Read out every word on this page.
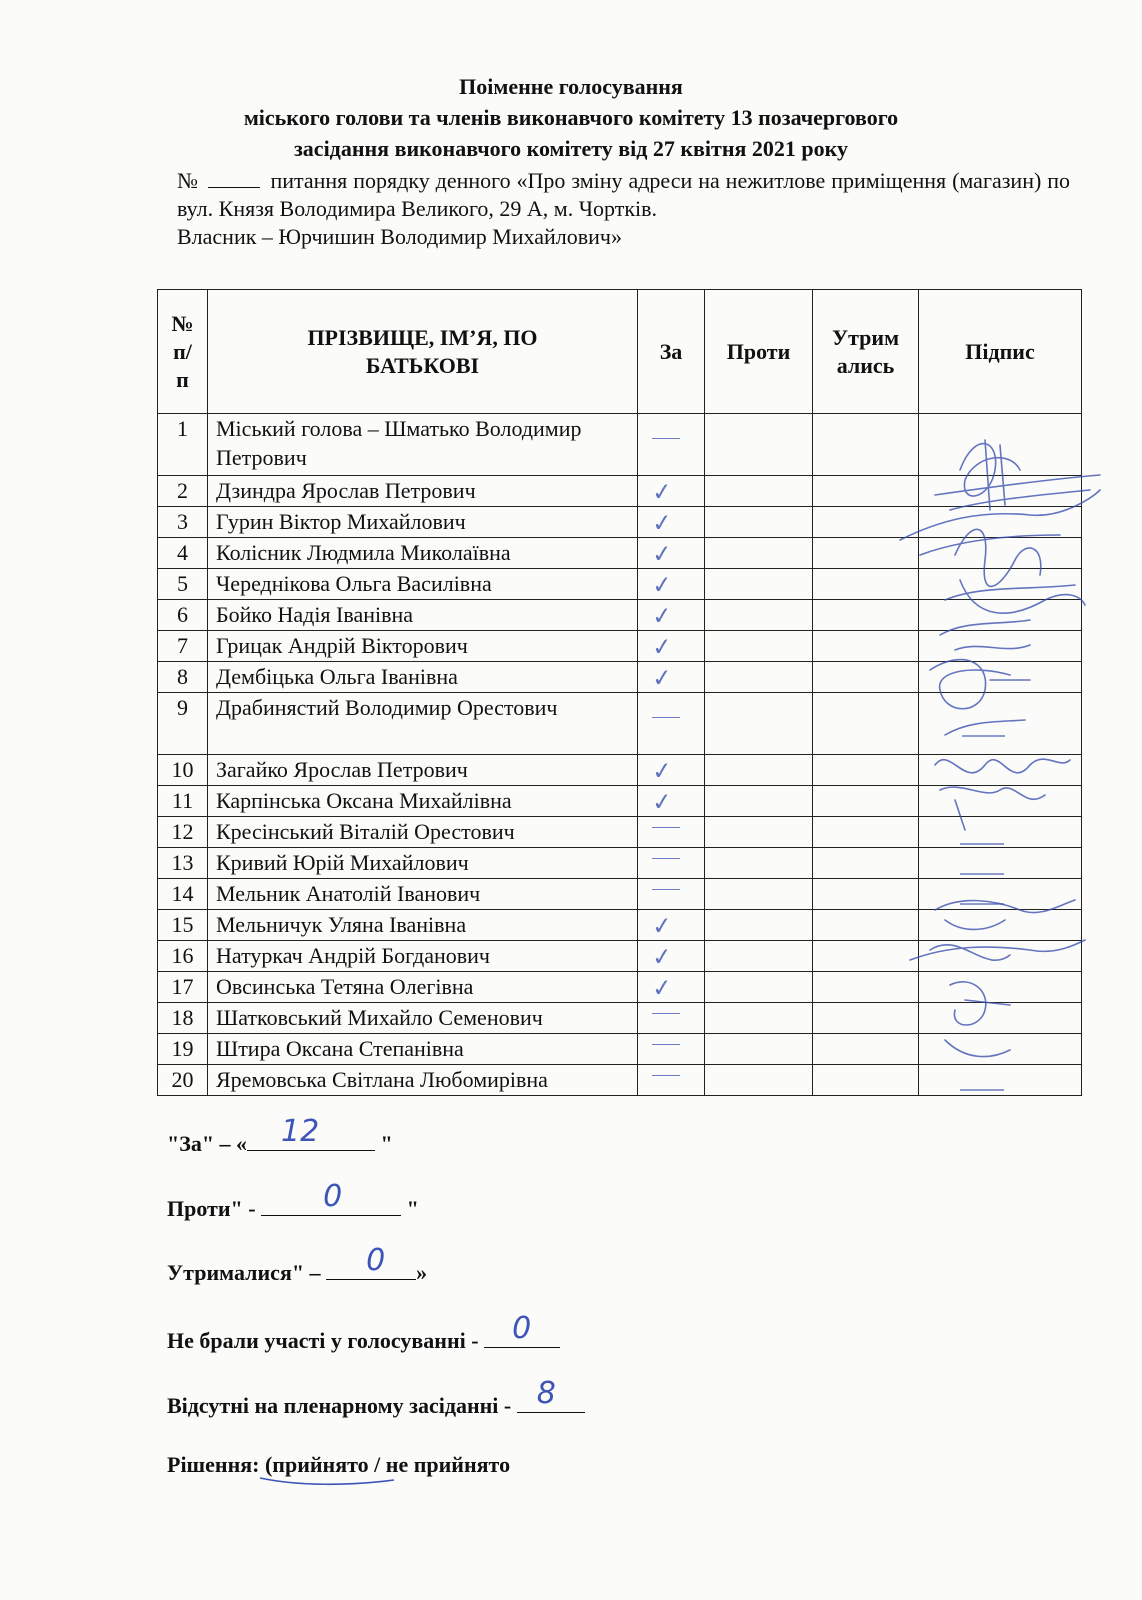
Поіменне голосування
міського голови та членів виконавчого комітету 13 позачергового
засідання виконавчого комітету від 27 квітня 2021 року

№	питання порядку денного «Про зміну адреси на нежитлове приміщення (магазин) по вул. Князя Володимира Великого, 29 А, м. Чортків.

Власник – Юрчишин Володимир Михайлович»

№
п/
п	ПРІЗВИЩЕ, ІМ’Я, ПО
БАТЬКОВІ	За	Проти	Утрим
ались	Підпис
1	Міський голова – Шматько Володимир Петрович	

2	Дзиндра Ярослав Петрович	✓			

3	Гурин Віктор Михайлович	✓			

4	Колісник Людмила Миколаївна	✓			

5	Череднікова Ольга Василівна	✓			

6	Бойко Надія Іванівна	✓			

7	Грицак Андрій Вікторович	✓			

8	Дембіцька Ольга Іванівна	✓			

9	Драбинястий Володимир Орестович	

10	Загайко Ярослав Петрович	✓			

11	Карпінська Оксана Михайлівна	✓			

12	Кресінський Віталій Орестович	

13	Кривий Юрій Михайлович	

14	Мельник Анатолій Іванович	

15	Мельничук Уляна Іванівна	✓			

16	Натуркач Андрій Богданович	✓			

17	Овсинська Тетяна Олегівна	✓			

18	Шатковський Михайло Семенович	

19	Штира Оксана Степанівна	

20	Яремовська Світлана Любомирівна	

"За" – « 12	"
Проти" - 0	"
Утрималися" – 0 »
Не брали участі у голосуванні - 0
Відсутні на пленарному засіданні - 8
Рішення: (прийнято
/ не прийнято
